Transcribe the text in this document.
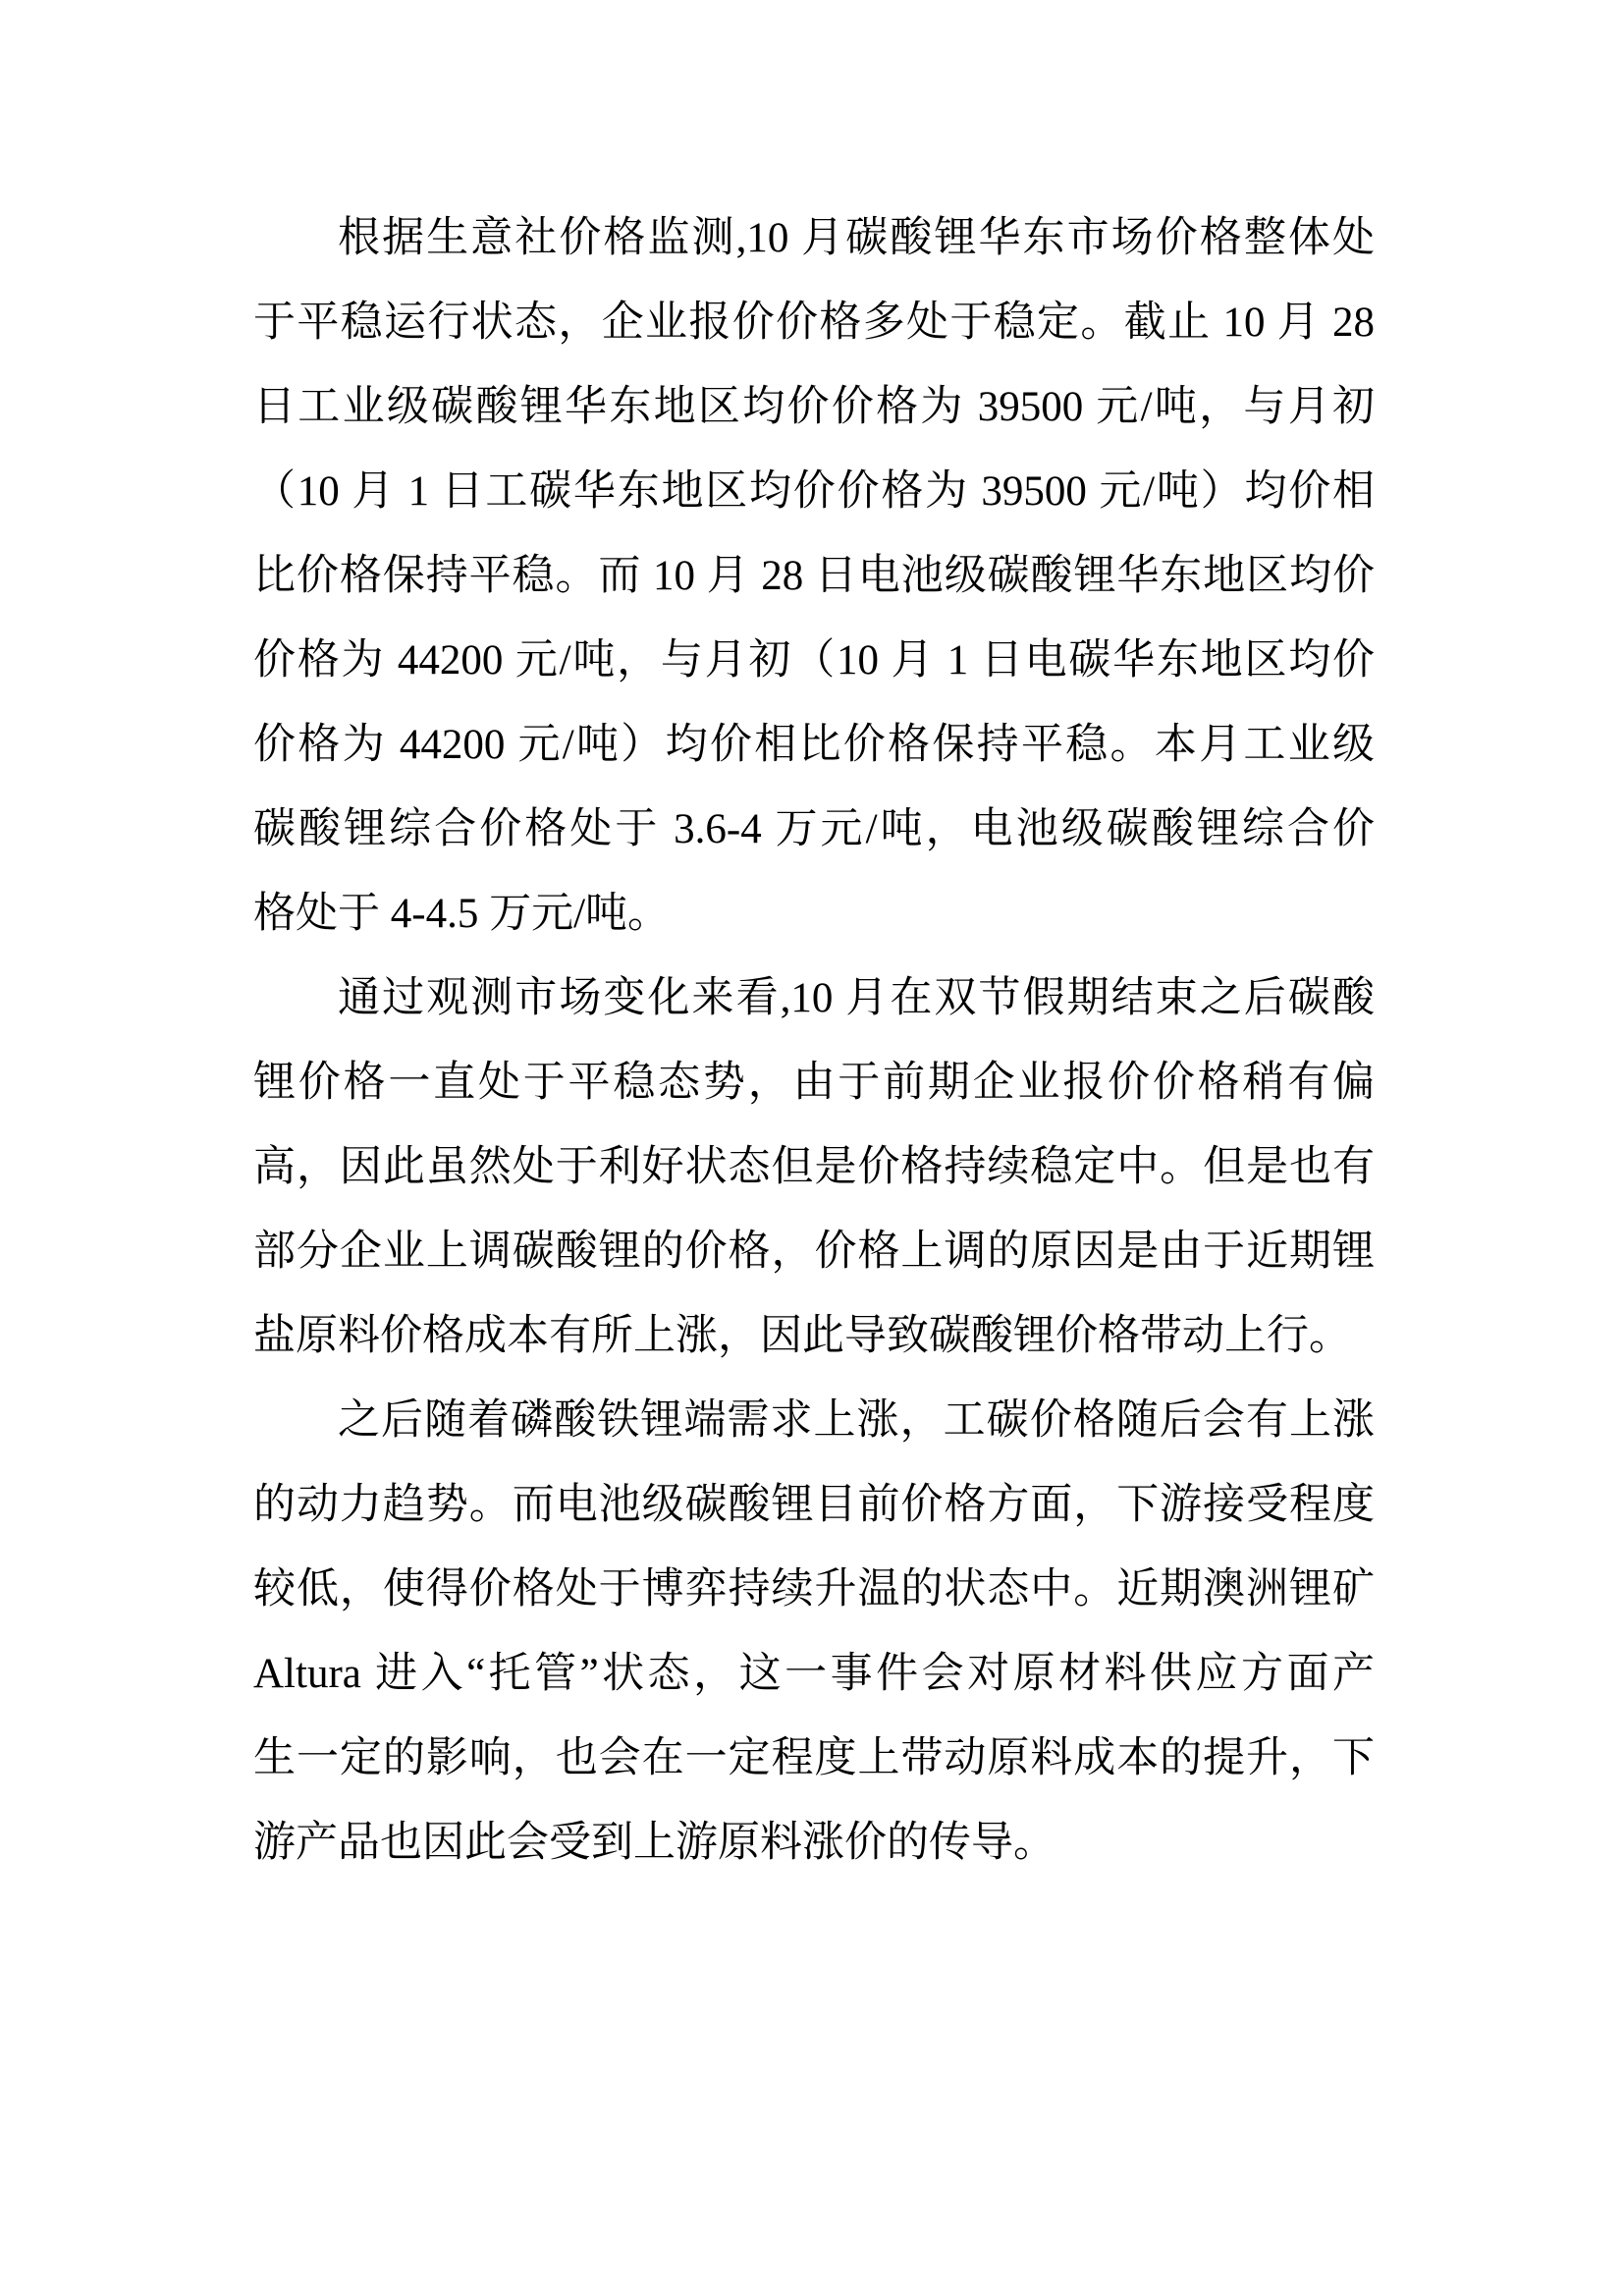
根据生意社价格监测,10 月碳酸锂华东市场价格整体处
于平稳运行状态，企业报价价格多处于稳定。截止 10 月 28
日工业级碳酸锂华东地区均价价格为 39500 元/吨，与月初
（10 月 1 日工碳华东地区均价价格为 39500 元/吨）均价相
比价格保持平稳。而 10 月 28 日电池级碳酸锂华东地区均价
价格为 44200 元/吨，与月初（10 月 1 日电碳华东地区均价
价格为 44200 元/吨）均价相比价格保持平稳。本月工业级
碳酸锂综合价格处于 3.6-4 万元/吨，电池级碳酸锂综合价
格处于 4-4.5 万元/吨。
通过观测市场变化来看,10 月在双节假期结束之后碳酸
锂价格一直处于平稳态势，由于前期企业报价价格稍有偏
高，因此虽然处于利好状态但是价格持续稳定中。但是也有
部分企业上调碳酸锂的价格，价格上调的原因是由于近期锂
盐原料价格成本有所上涨，因此导致碳酸锂价格带动上行。
之后随着磷酸铁锂端需求上涨，工碳价格随后会有上涨
的动力趋势。而电池级碳酸锂目前价格方面，下游接受程度
较低，使得价格处于博弈持续升温的状态中。近期澳洲锂矿
Altura 进入“托管”状态，这一事件会对原材料供应方面产
生一定的影响，也会在一定程度上带动原料成本的提升，下
游产品也因此会受到上游原料涨价的传导。
